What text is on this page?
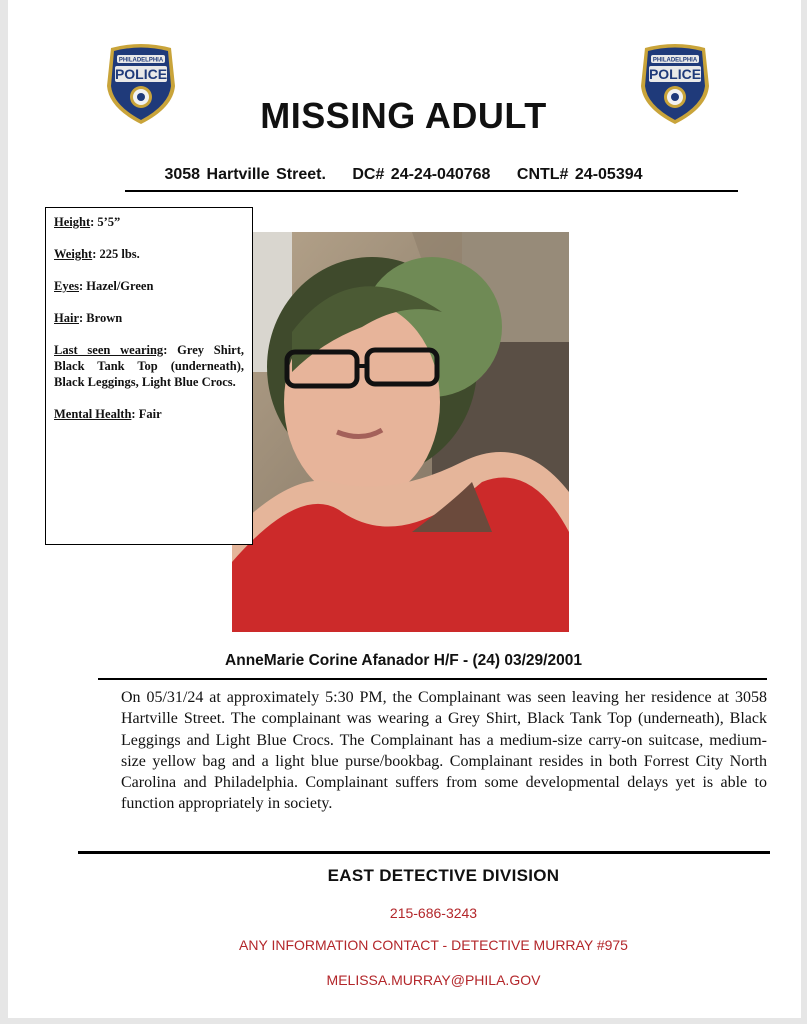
PHILADELPHIA
POLICE
PHILADELPHIA
POLICE
MISSING ADULT
3058 Hartville Street. DC# 24-24-040768 CNTL# 24-05394
Height: 5’5”
Weight: 225 lbs.
Eyes: Hazel/Green
Hair: Brown
Last seen wearing: Grey Shirt, Black Tank Top (underneath), Black Leggings, Light Blue Crocs.
Mental Health: Fair
AnneMarie Corine Afanador H/F - (24) 03/29/2001
On 05/31/24 at approximately 5:30 PM, the Complainant was seen leaving her residence at 3058 Hartville Street. The complainant was wearing a Grey Shirt, Black Tank Top (underneath), Black Leggings and Light Blue Crocs. The Complainant has a medium-size carry-on suitcase, medium-size yellow bag and a light blue purse/bookbag. Complainant resides in both Forrest City North Carolina and Philadelphia. Complainant suffers from some developmental delays yet is able to function appropriately in society.
EAST DETECTIVE DIVISION
215-686-3243
ANY INFORMATION CONTACT - DETECTIVE MURRAY #975
MELISSA.MURRAY@PHILA.GOV
